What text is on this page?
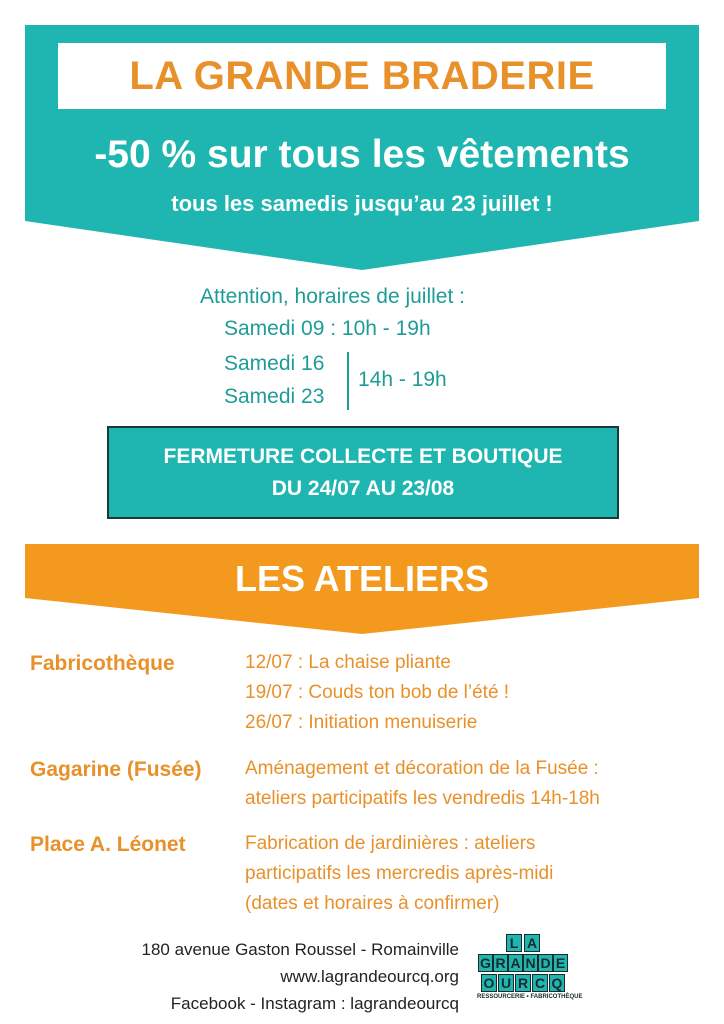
LA GRANDE BRADERIE
-50 % sur tous les vêtements
tous les samedis jusqu’au 23 juillet !
Attention, horaires de juillet :
Samedi 09 : 10h - 19h
Samedi 16
Samedi 23
14h - 19h
FERMETURE COLLECTE ET BOUTIQUE
DU 24/07 AU 23/08
LES ATELIERS
Fabricothèque	12/07 : La chaise pliante
19/07 : Couds ton bob de l’été !
26/07 : Initiation menuiserie
Gagarine (Fusée) Aménagement et décoration de la Fusée :
ateliers participatifs les vendredis 14h-18h
Place A. Léonet	Fabrication de jardinières : ateliers
participatifs les mercredis après-midi
(dates et horaires à confirmer)
180 avenue Gaston Roussel - Romainville
www.lagrandeourcq.org
Facebook - Instagram : lagrandeourcq
L A
G R A N D E
O U R C Q
RESSOURCERIE • FABRICOTHÈQUE
